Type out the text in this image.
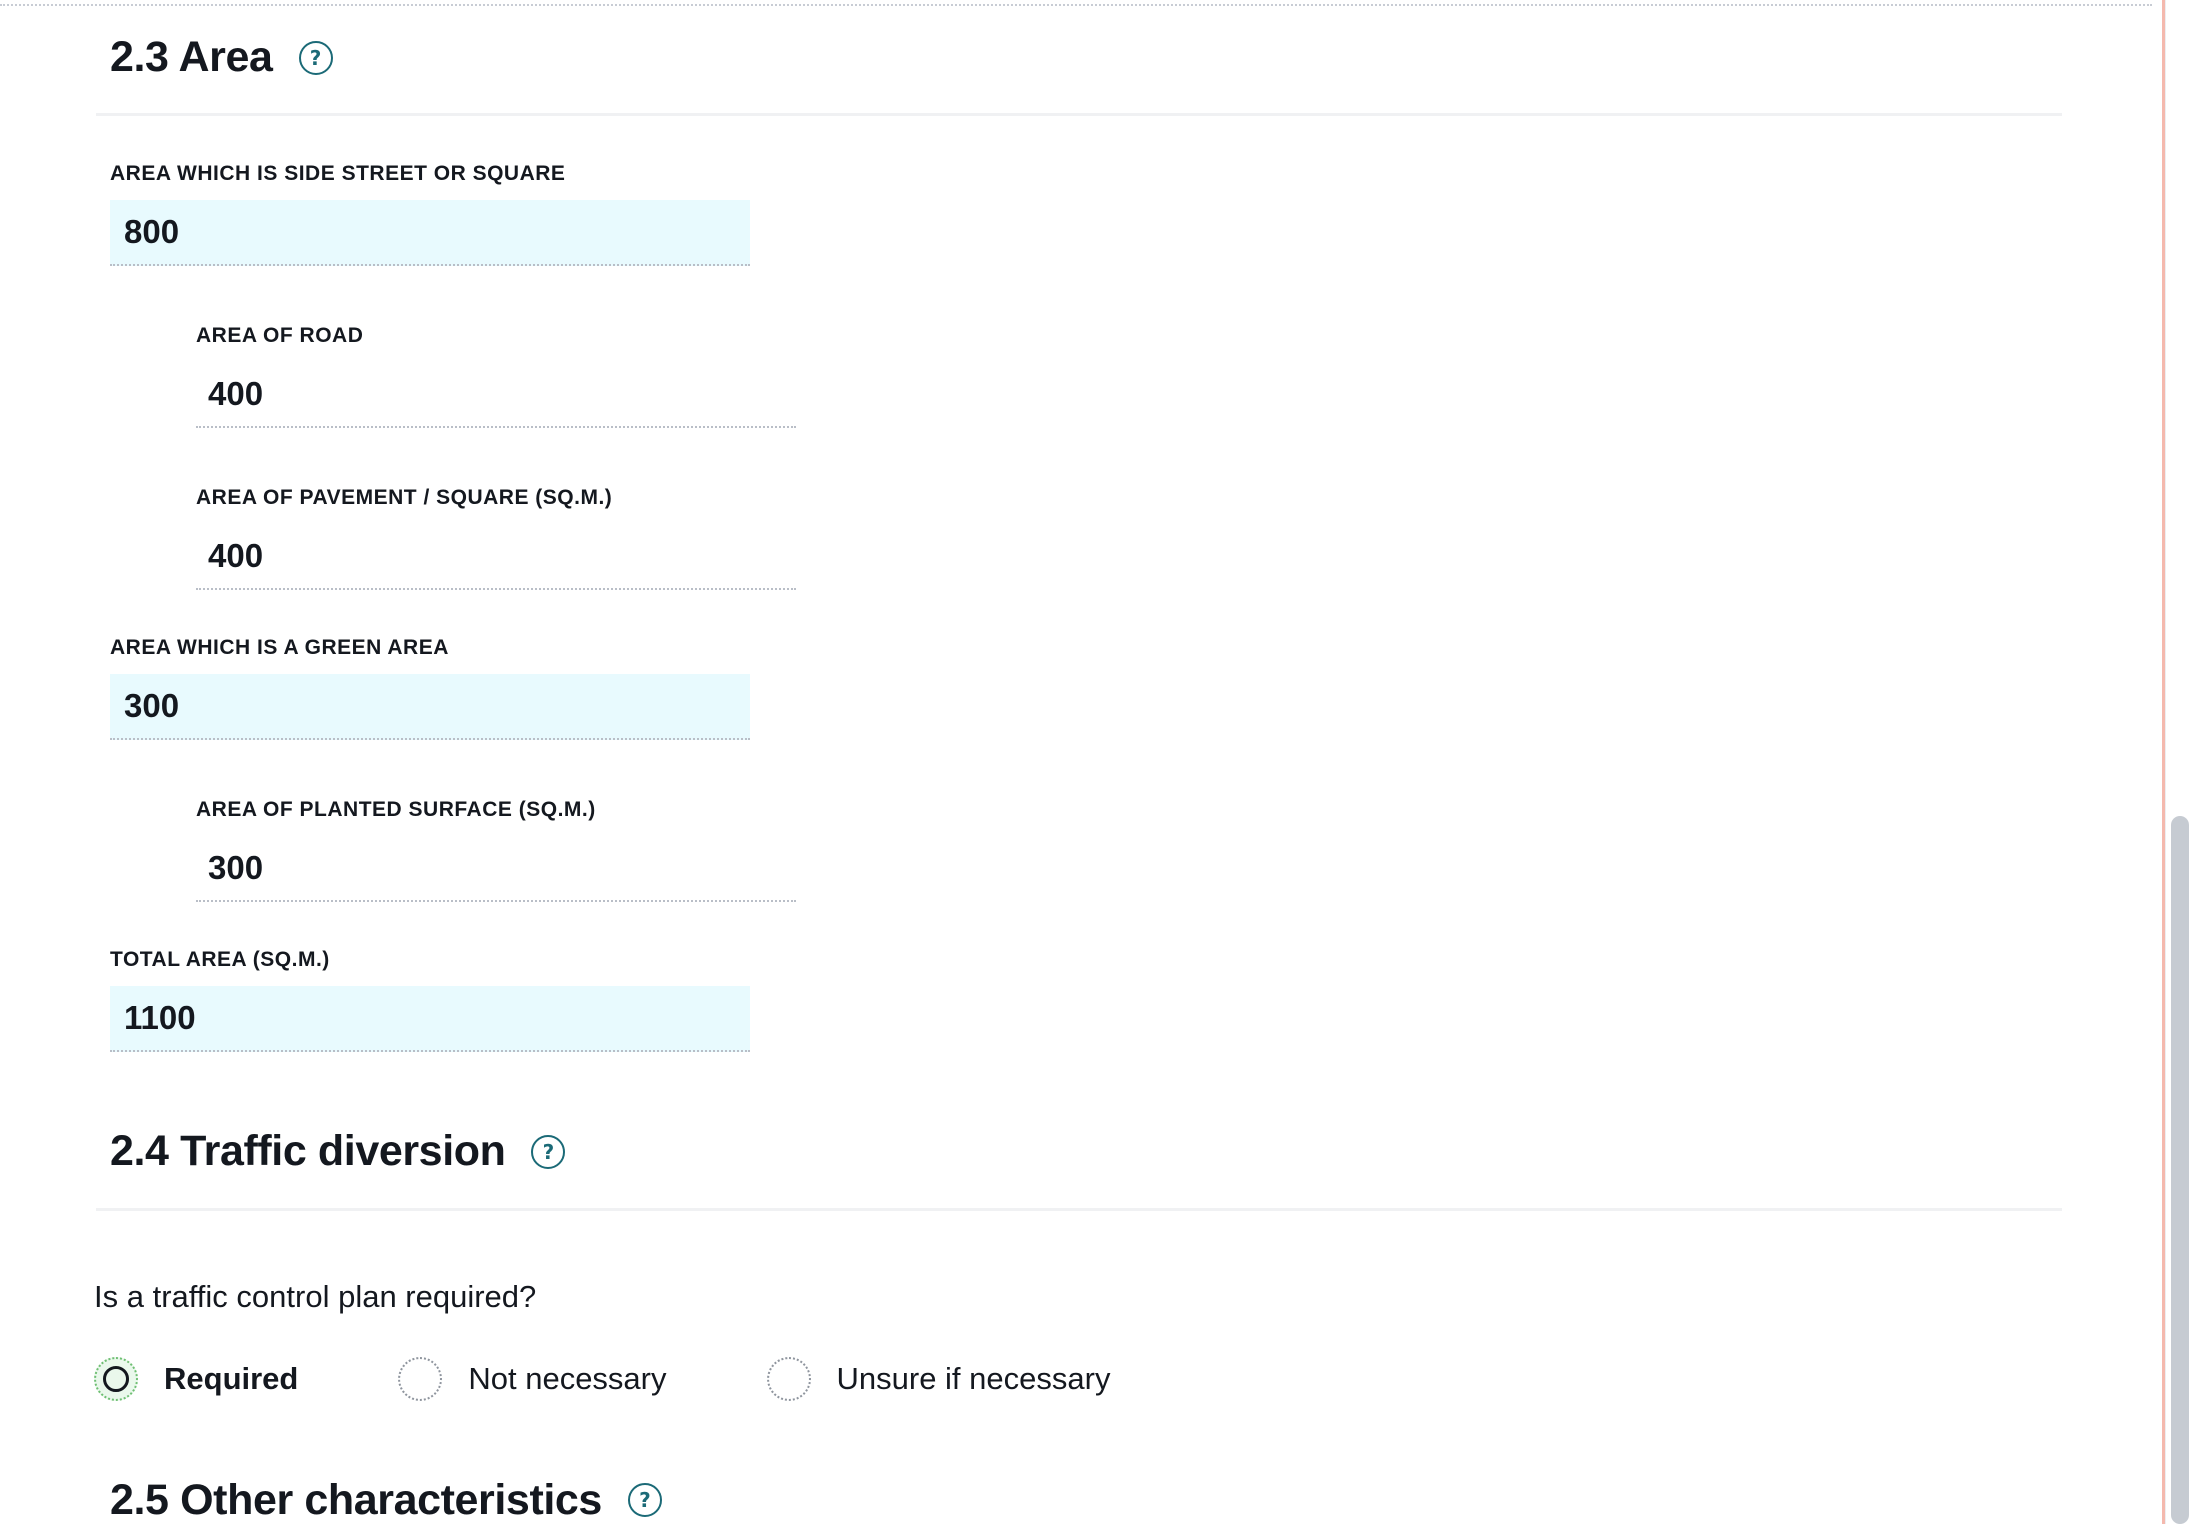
2.3 Area	?
AREA WHICH IS SIDE STREET OR SQUARE
800
AREA OF ROAD
400
AREA OF PAVEMENT / SQUARE (SQ.M.)
400
AREA WHICH IS A GREEN AREA
300
AREA OF PLANTED SURFACE (SQ.M.)
300
TOTAL AREA (SQ.M.)
1100
2.4 Traffic diversion	?
Is a traffic control plan required?
Required	Not necessary	Unsure if necessary
2.5 Other characteristics	?
